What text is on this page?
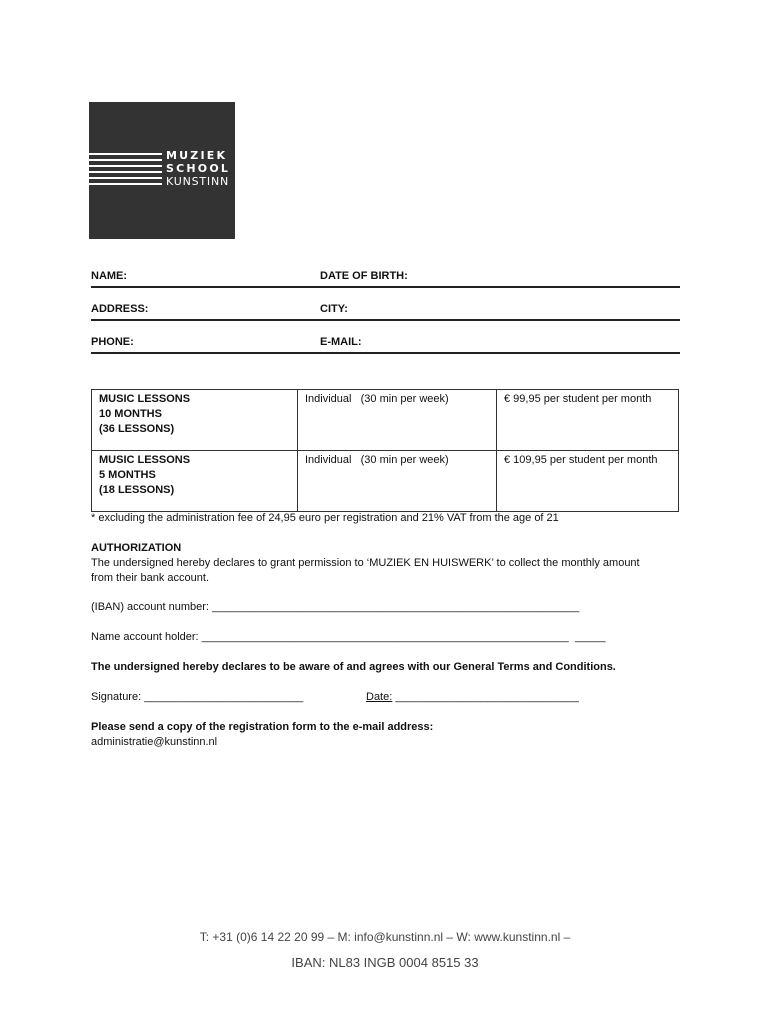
MUZIEK
SCHOOL
KUNSTINN
NAME:	DATE OF BIRTH:
ADDRESS:	CITY:
PHONE:	E-MAIL:
MUSIC LESSONS
10 MONTHS
(36 LESSONS)	Individual   (30 min per week)	€ 99,95 per student per month

MUSIC LESSONS
5 MONTHS
(18 LESSONS)	Individual   (30 min per week)	€ 109,95 per student per month
* excluding the administration fee of 24,95 euro per registration and 21% VAT from the age of 21
AUTHORIZATION
The undersigned hereby declares to grant permission to ‘MUZIEK EN HUISWERK’ to collect the monthly amount
from their bank account.
(IBAN) account number: ____________________________________________________________
Name account holder: ____________________________________________________________  _____
The undersigned hereby declares to be aware of and agrees with our General Terms and Conditions.
Signature: __________________________	Date: ______________________________
Please send a copy of the registration form to the e-mail address:
administratie@kunstinn.nl
T: +31 (0)6 14 22 20 99 – M: info@kunstinn.nl – W: www.kunstinn.nl –
IBAN: NL83 INGB 0004 8515 33
